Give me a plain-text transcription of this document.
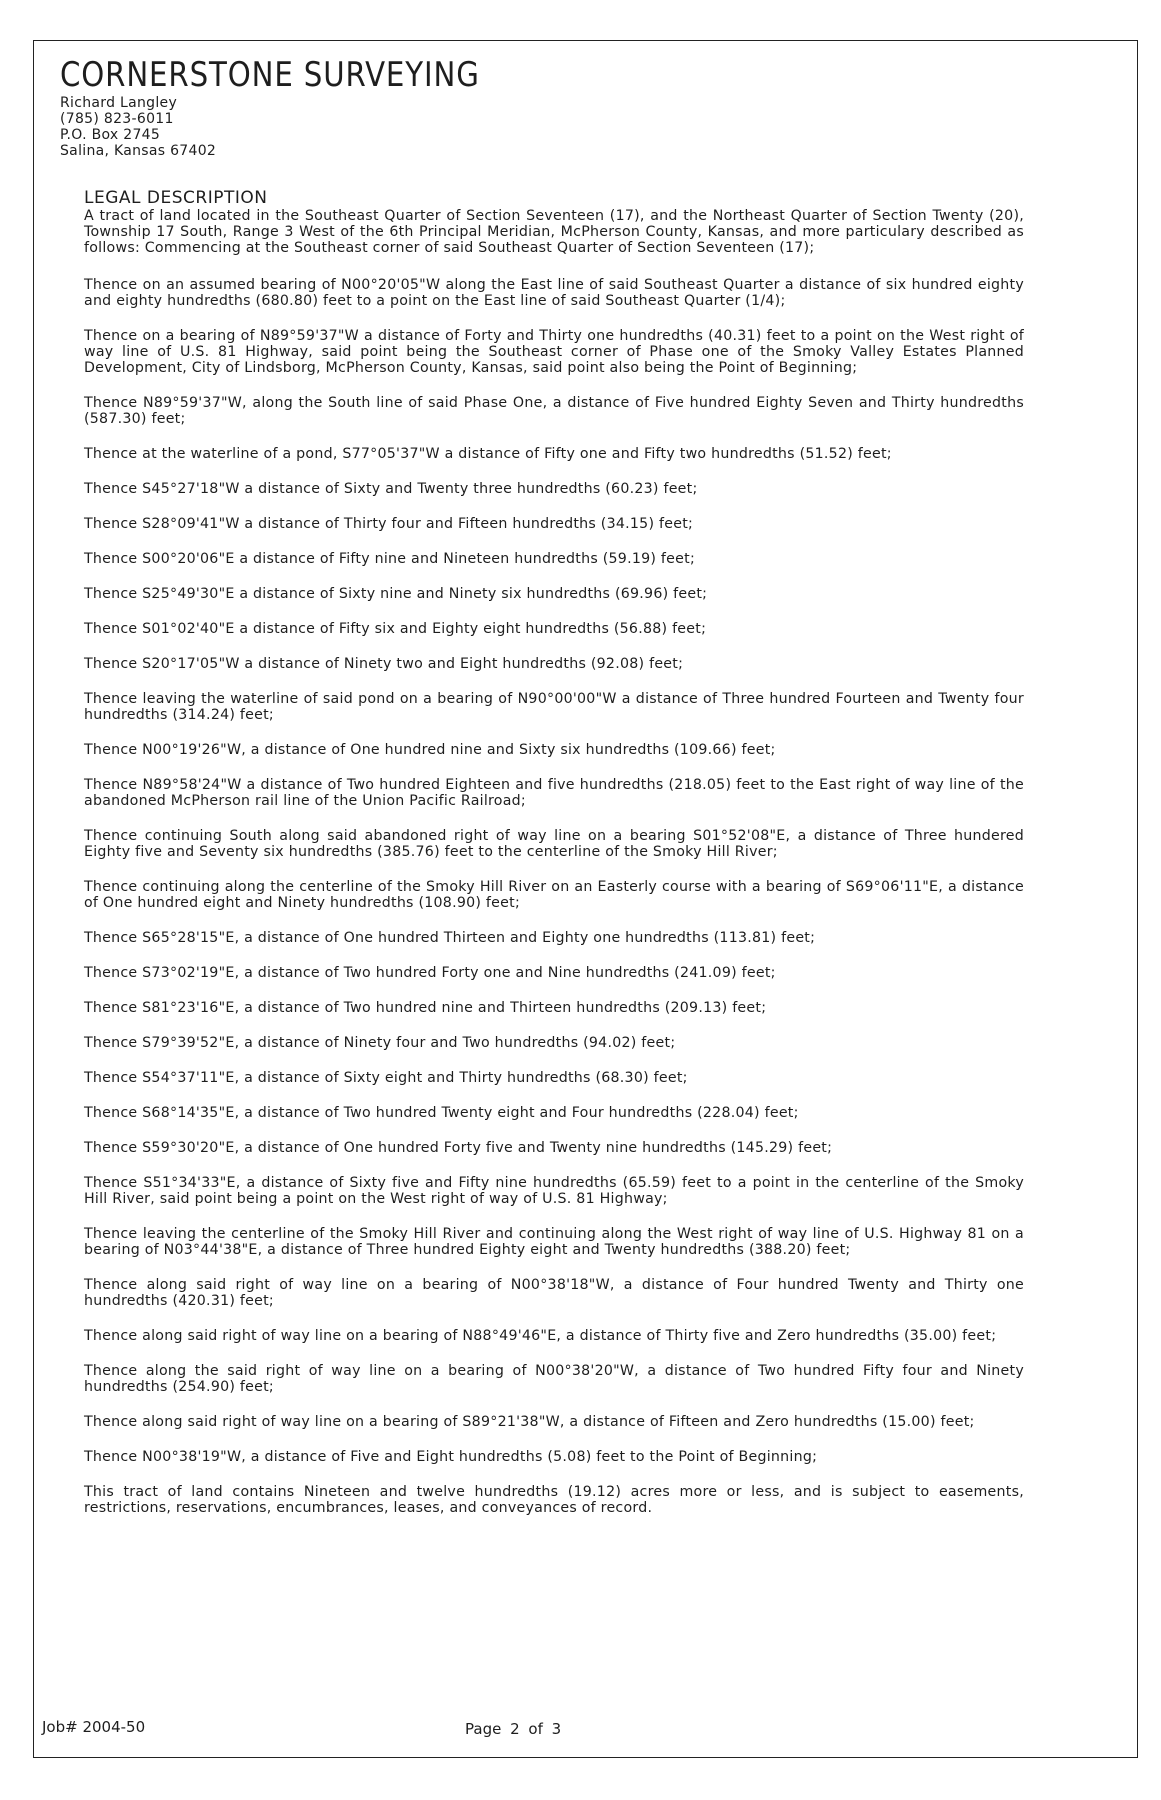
CORNERSTONE SURVEYING
Richard Langley
(785) 823-6011
P.O. Box 2745
Salina, Kansas 67402
LEGAL DESCRIPTION

A tract of land located in the Southeast Quarter of Section Seventeen (17), and the Northeast Quarter of Section Twenty (20), Township 17 South, Range 3 West of the 6th Principal Meridian, McPherson County, Kansas, and more particulary described as follows: Commencing at the Southeast corner of said Southeast Quarter of Section Seventeen (17);

Thence on an assumed bearing of N00°20'05"W along the East line of said Southeast Quarter a distance of six hundred eighty and eighty hundredths (680.80) feet to a point on the East line of said Southeast Quarter (1/4);

Thence on a bearing of N89°59'37"W a distance of Forty and Thirty one hundredths (40.31) feet to a point on the West right of way line of U.S. 81 Highway, said point being the Southeast corner of Phase one of the Smoky Valley Estates Planned Development, City of Lindsborg, McPherson County, Kansas, said point also being the Point of Beginning;

Thence N89°59'37"W, along the South line of said Phase One, a distance of Five hundred Eighty Seven and Thirty hundredths (587.30) feet;

Thence at the waterline of a pond, S77°05'37"W a distance of Fifty one and Fifty two hundredths (51.52) feet;

Thence S45°27'18"W a distance of Sixty and Twenty three hundredths (60.23) feet;

Thence S28°09'41"W a distance of Thirty four and Fifteen hundredths (34.15) feet;

Thence S00°20'06"E a distance of Fifty nine and Nineteen hundredths (59.19) feet;

Thence S25°49'30"E a distance of Sixty nine and Ninety six hundredths (69.96) feet;

Thence S01°02'40"E a distance of Fifty six and Eighty eight hundredths (56.88) feet;

Thence S20°17'05"W a distance of Ninety two and Eight hundredths (92.08) feet;

Thence leaving the waterline of said pond on a bearing of N90°00'00"W a distance of Three hundred Fourteen and Twenty four hundredths (314.24) feet;

Thence N00°19'26"W, a distance of One hundred nine and Sixty six hundredths (109.66) feet;

Thence N89°58'24"W a distance of Two hundred Eighteen and five hundredths (218.05) feet to the East right of way line of the abandoned McPherson rail line of the Union Pacific Railroad;

Thence continuing South along said abandoned right of way line on a bearing S01°52'08"E, a distance of Three hundered Eighty five and Seventy six hundredths (385.76) feet to the centerline of the Smoky Hill River;

Thence continuing along the centerline of the Smoky Hill River on an Easterly course with a bearing of S69°06'11"E, a distance of One hundred eight and Ninety hundredths (108.90) feet;

Thence S65°28'15"E, a distance of One hundred Thirteen and Eighty one hundredths (113.81) feet;

Thence S73°02'19"E, a distance of Two hundred Forty one and Nine hundredths (241.09) feet;

Thence S81°23'16"E, a distance of Two hundred nine and Thirteen hundredths (209.13) feet;

Thence S79°39'52"E, a distance of Ninety four and Two hundredths (94.02) feet;

Thence S54°37'11"E, a distance of Sixty eight and Thirty hundredths (68.30) feet;

Thence S68°14'35"E, a distance of Two hundred Twenty eight and Four hundredths (228.04) feet;

Thence S59°30'20"E, a distance of One hundred Forty five and Twenty nine hundredths (145.29) feet;

Thence S51°34'33"E, a distance of Sixty five and Fifty nine hundredths (65.59) feet to a point in the centerline of the Smoky Hill River, said point being a point on the West right of way of U.S. 81 Highway;

Thence leaving the centerline of the Smoky Hill River and continuing along the West right of way line of U.S. Highway 81 on a bearing of N03°44'38"E, a distance of Three hundred Eighty eight and Twenty hundredths (388.20) feet;

Thence along said right of way line on a bearing of N00°38'18"W, a distance of Four hundred Twenty and Thirty one hundredths (420.31) feet;

Thence along said right of way line on a bearing of N88°49'46"E, a distance of Thirty five and Zero hundredths (35.00) feet;

Thence along the said right of way line on a bearing of N00°38'20"W, a distance of Two hundred Fifty four and Ninety hundredths (254.90) feet;

Thence along said right of way line on a bearing of S89°21'38"W, a distance of Fifteen and Zero hundredths (15.00) feet;

Thence N00°38'19"W, a distance of Five and Eight hundredths (5.08) feet to the Point of Beginning;

This tract of land contains Nineteen and twelve hundredths (19.12) acres more or less, and is subject to easements, restrictions, reservations, encumbrances, leases, and conveyances of record.

Job# 2004-50	Page 2 of 3
